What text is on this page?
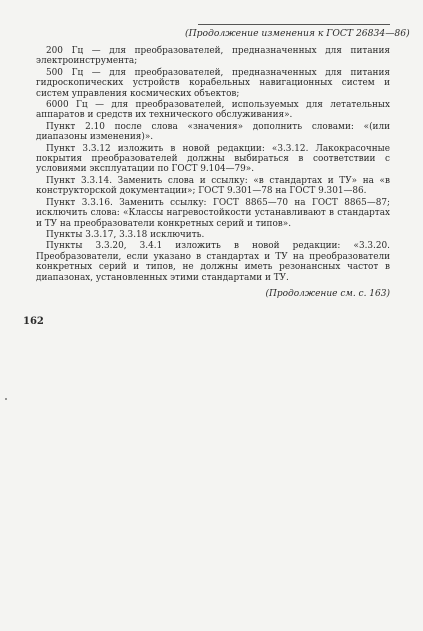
(Продолжение изменения к ГОСТ 26834—86)

200 Гц — для преобразователей, предназначенных для питания электроинструмента;

500 Гц — для преобразователей, предназначенных для питания гидроскопических устройств корабельных навигационных систем и систем управления космических объектов;

6000 Гц — для преобразователей, используемых для летательных аппаратов и средств их технического обслуживания».

Пункт 2.10 после слова «значения» дополнить словами: «(или диапазоны изменения)».

Пункт 3.3.12 изложить в новой редакции: «3.3.12. Лакокрасочные покрытия преобразователей должны выбираться в соответствии с условиями эксплуатации по ГОСТ 9.104—79».

Пункт 3.3.14. Заменить слова и ссылку: «в стандартах и ТУ» на «в конструкторской документации»; ГОСТ 9.301—78 на ГОСТ 9.301—86.

Пункт 3.3.16. Заменить ссылку: ГОСТ 8865—70 на ГОСТ 8865—87; исключить слова: «Классы нагревостойкости устанавливают в стандартах и ТУ на преобразователи конкретных серий и типов».

Пункты 3.3.17, 3.3.18 исключить.

Пункты 3.3.20, 3.4.1 изложить в новой редакции: «3.3.20. Преобразователи, если указано в стандартах и ТУ на преобразователи конкретных серий и типов, не должны иметь резонансных частот в диапазонах, установленных этими стандартами и ТУ.

(Продолжение см. с. 163)
162
